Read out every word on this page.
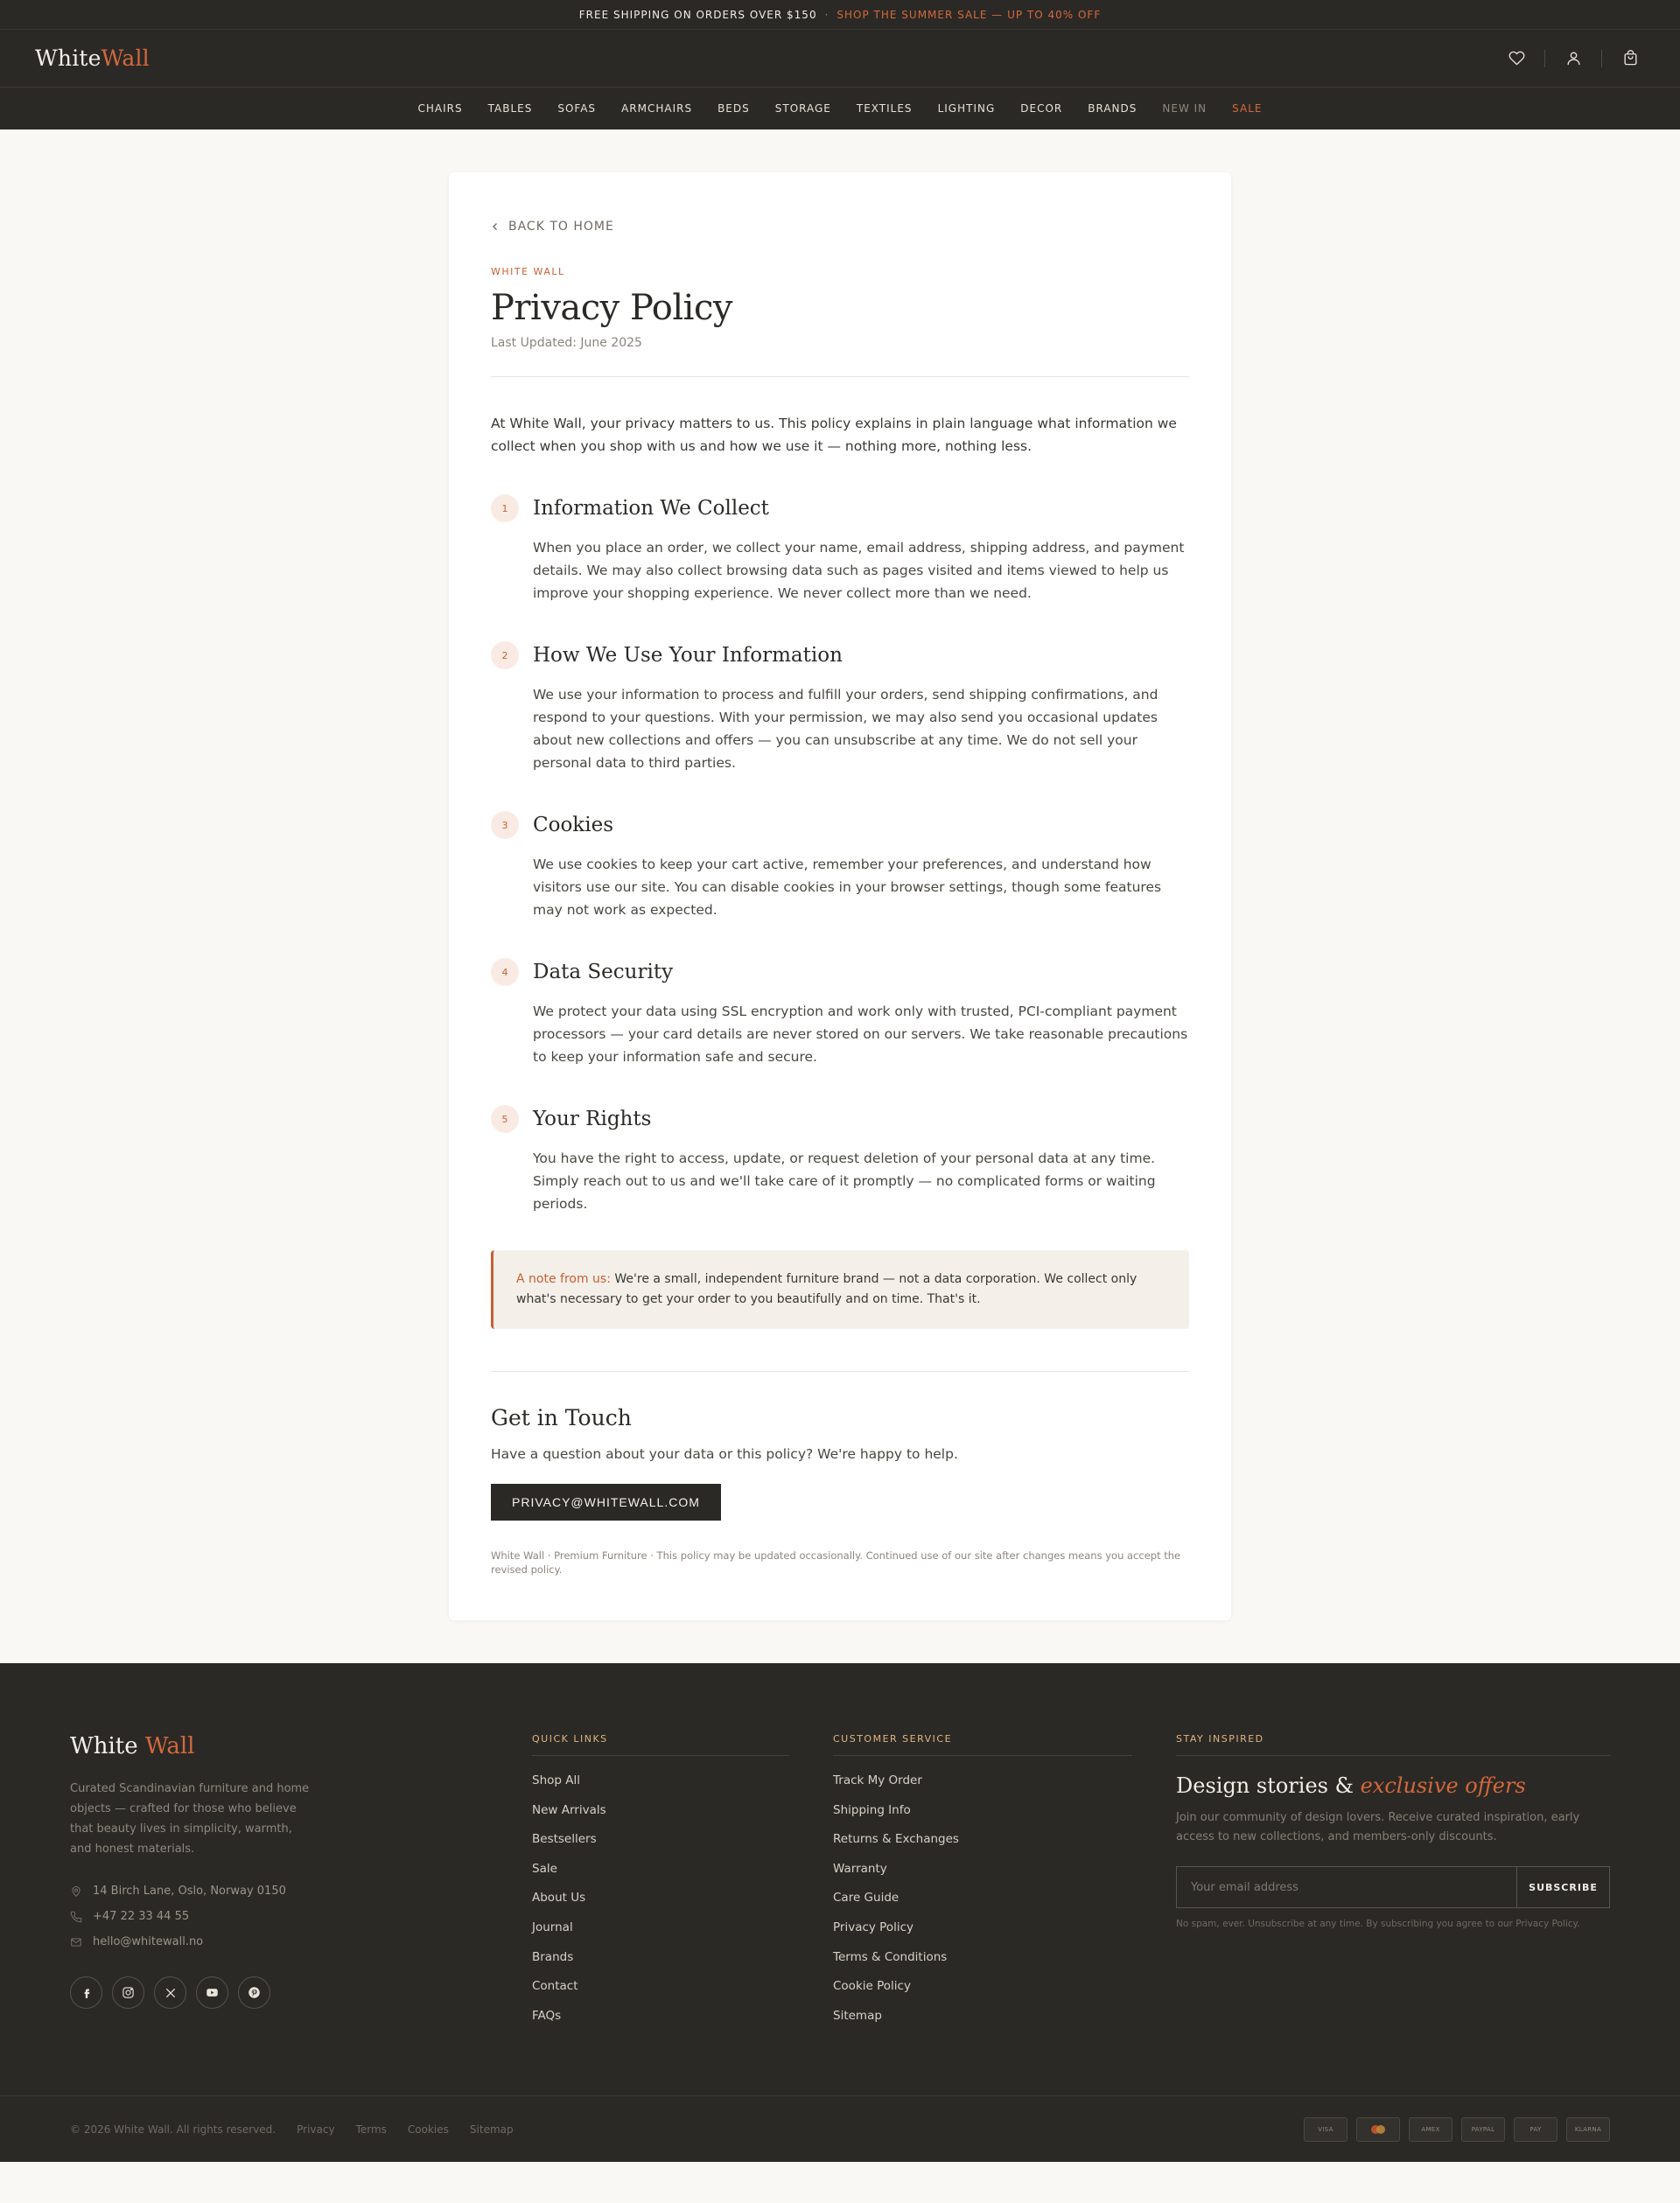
FREE SHIPPING ON ORDERS OVER $150 · SHOP THE SUMMER SALE — UP TO 40% OFF
WhiteWall
CHAIRS TABLES SOFAS ARMCHAIRS BEDS STORAGE TEXTILES LIGHTING DECOR BRANDS NEW IN SALE
BACK TO HOME
WHITE WALL
Privacy Policy
Last Updated: June 2025

At White Wall, your privacy matters to us. This policy explains in plain language what information we collect when you shop with us and how we use it — nothing more, nothing less.

1	Information We Collect

When you place an order, we collect your name, email address, shipping address, and payment details. We may also collect browsing data such as pages visited and items viewed to help us improve your shopping experience. We never collect more than we need.

2	How We Use Your Information

We use your information to process and fulfill your orders, send shipping confirmations, and respond to your questions. With your permission, we may also send you occasional updates about new collections and offers — you can unsubscribe at any time. We do not sell your personal data to third parties.

3	Cookies

We use cookies to keep your cart active, remember your preferences, and understand how visitors use our site. You can disable cookies in your browser settings, though some features may not work as expected.

4	Data Security

We protect your data using SSL encryption and work only with trusted, PCI-compliant payment processors — your card details are never stored on our servers. We take reasonable precautions to keep your information safe and secure.

5	Your Rights

You have the right to access, update, or request deletion of your personal data at any time. Simply reach out to us and we'll take care of it promptly — no complicated forms or waiting periods.

A note from us: We're a small, independent furniture brand — not a data corporation. We collect only what's necessary to get your order to you beautifully and on time. That's it.
Get in Touch

Have a question about your data or this policy? We're happy to help.

PRIVACY@WHITEWALL.COM

White Wall · Premium Furniture · This policy may be updated occasionally. Continued use of our site after changes means you accept the revised policy.

White Wall

Curated Scandinavian furniture and home objects — crafted for those who believe that beauty lives in simplicity, warmth, and honest materials.

14 Birch Lane, Oslo, Norway 0150
+47 22 33 44 55
hello@whitewall.no
QUICK LINKS
Shop All
New Arrivals
Bestsellers
Sale
About Us
Journal
Brands
Contact
FAQs
CUSTOMER SERVICE
Track My Order
Shipping Info
Returns & Exchanges
Warranty
Care Guide
Privacy Policy
Terms & Conditions
Cookie Policy
Sitemap
STAY INSPIRED
Design stories & exclusive offers

Join our community of design lovers. Receive curated inspiration, early access to new collections, and members-only discounts.

Your email address
SUBSCRIBE

No spam, ever. Unsubscribe at any time. By subscribing you agree to our Privacy Policy.

© 2026 White Wall. All rights reserved. Privacy Terms Cookies Sitemap	VISA	AMEX	PAYPAL	PAY	KLARNA
